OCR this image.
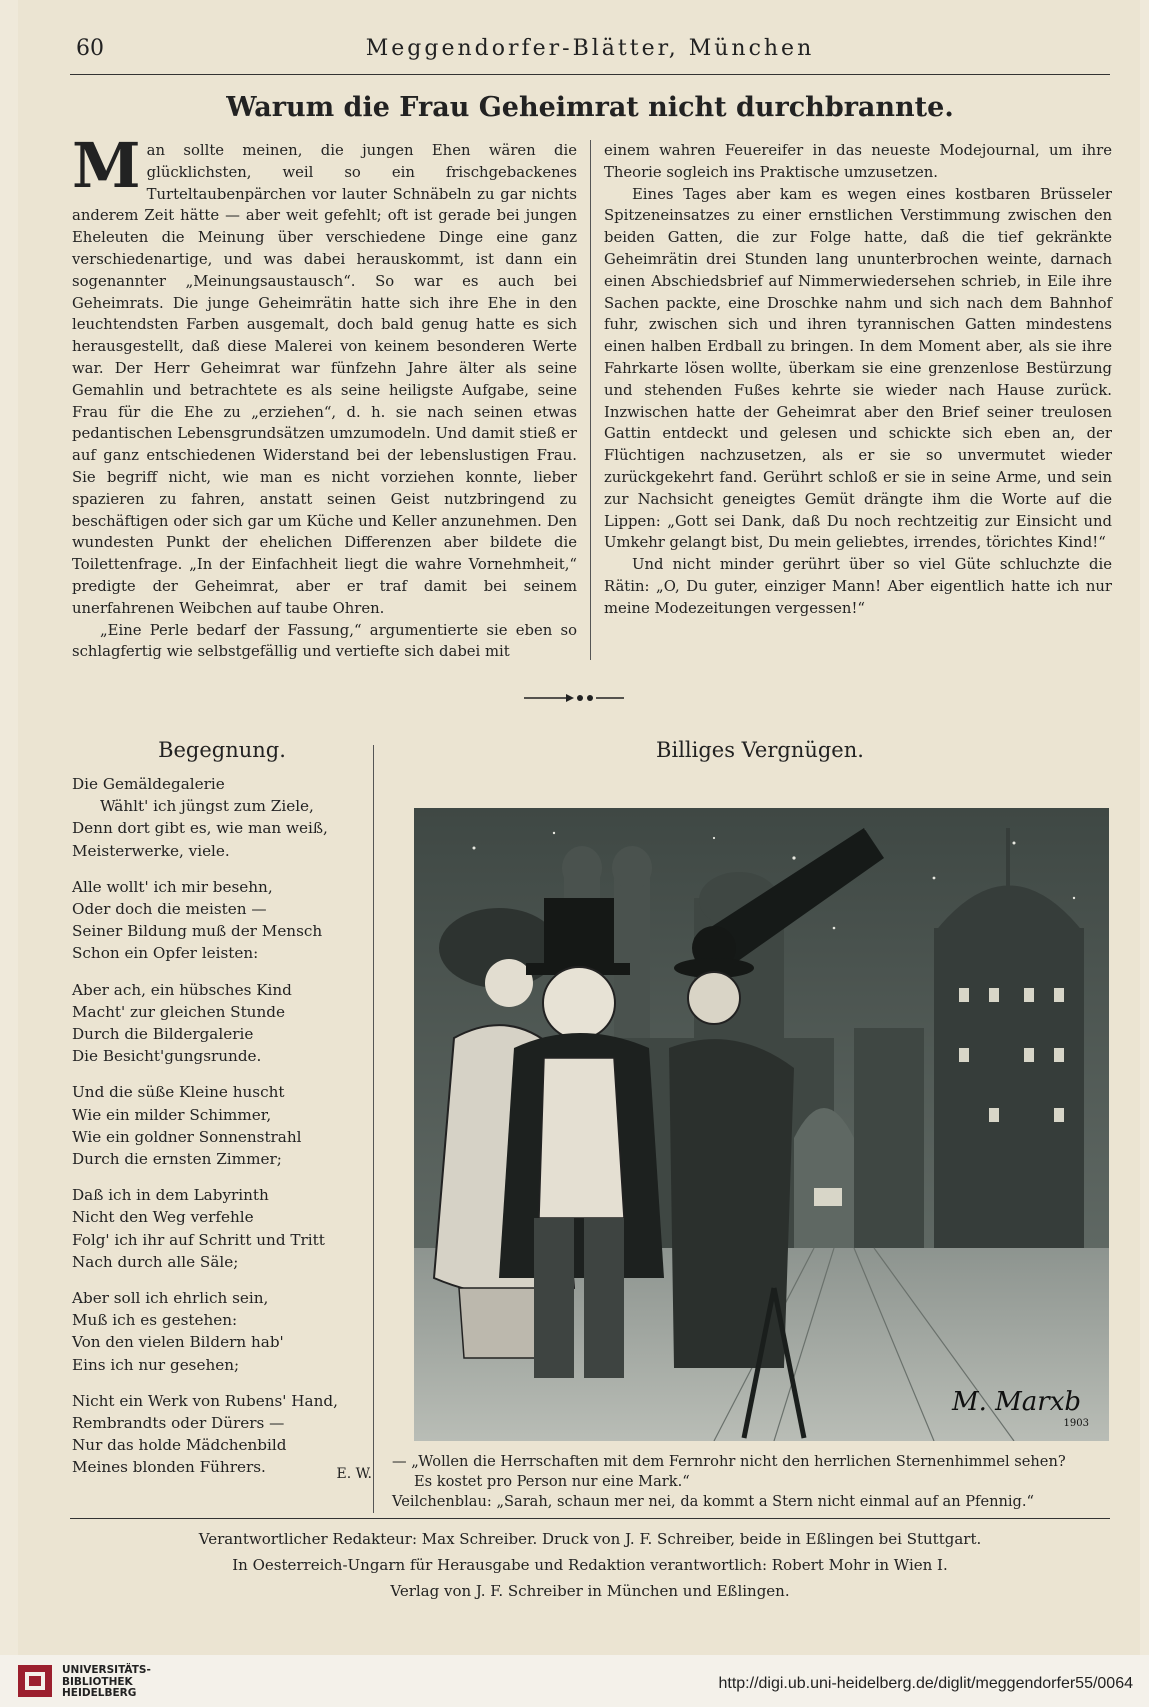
60	Meggendorfer-Blätter, München
Warum die Frau Geheimrat nicht durchbrannte.

Man sollte meinen, die jungen Ehen wären die glücklichsten, weil so ein frischgebackenes Turteltaubenpärchen vor lauter Schnäbeln zu gar nichts anderem Zeit hätte — aber weit gefehlt; oft ist gerade bei jungen Eheleuten die Meinung über verschiedene Dinge eine ganz verschiedenartige, und was dabei herauskommt, ist dann ein sogenannter „Meinungsaustausch“. So war es auch bei Geheimrats. Die junge Geheimrätin hatte sich ihre Ehe in den leuchtendsten Farben ausgemalt, doch bald genug hatte es sich herausgestellt, daß diese Malerei von keinem besonderen Werte war. Der Herr Geheimrat war fünfzehn Jahre älter als seine Gemahlin und betrachtete es als seine heiligste Aufgabe, seine Frau für die Ehe zu „erziehen“, d. h. sie nach seinen etwas pedantischen Lebensgrundsätzen umzumodeln. Und damit stieß er auf ganz entschiedenen Widerstand bei der lebenslustigen Frau. Sie begriff nicht, wie man es nicht vorziehen konnte, lieber spazieren zu fahren, anstatt seinen Geist nutzbringend zu beschäftigen oder sich gar um Küche und Keller anzunehmen. Den wundesten Punkt der ehelichen Differenzen aber bildete die Toilettenfrage. „In der Einfachheit liegt die wahre Vornehmheit,“ predigte der Geheimrat, aber er traf damit bei seinem unerfahrenen Weibchen auf taube Ohren.

„Eine Perle bedarf der Fassung,“ argumentierte sie eben so schlagfertig wie selbstgefällig und vertiefte sich dabei mit

einem wahren Feuereifer in das neueste Modejournal, um ihre Theorie sogleich ins Praktische umzusetzen.

Eines Tages aber kam es wegen eines kostbaren Brüsseler Spitzeneinsatzes zu einer ernstlichen Verstimmung zwischen den beiden Gatten, die zur Folge hatte, daß die tief gekränkte Geheimrätin drei Stunden lang ununterbrochen weinte, darnach einen Abschiedsbrief auf Nimmerwiedersehen schrieb, in Eile ihre Sachen packte, eine Droschke nahm und sich nach dem Bahnhof fuhr, zwischen sich und ihren tyrannischen Gatten mindestens einen halben Erdball zu bringen. In dem Moment aber, als sie ihre Fahrkarte lösen wollte, überkam sie eine grenzenlose Bestürzung und stehenden Fußes kehrte sie wieder nach Hause zurück. Inzwischen hatte der Geheimrat aber den Brief seiner treulosen Gattin entdeckt und gelesen und schickte sich eben an, der Flüchtigen nachzusetzen, als er sie so unvermutet wieder zurückgekehrt fand. Gerührt schloß er sie in seine Arme, und sein zur Nachsicht geneigtes Gemüt drängte ihm die Worte auf die Lippen: „Gott sei Dank, daß Du noch rechtzeitig zur Einsicht und Umkehr gelangt bist, Du mein geliebtes, irrendes, törichtes Kind!“

Und nicht minder gerührt über so viel Güte schluchzte die Rätin: „O, Du guter, einziger Mann! Aber eigentlich hatte ich nur meine Modezeitungen vergessen!“

Begegnung.	Billiges Vergnügen.
Die Gemäldegalerie
Wählt' ich jüngst zum Ziele,
Denn dort gibt es, wie man weiß,
Meisterwerke, viele.
Alle wollt' ich mir besehn,
Oder doch die meisten —
Seiner Bildung muß der Mensch
Schon ein Opfer leisten:
Aber ach, ein hübsches Kind
Macht' zur gleichen Stunde
Durch die Bildergalerie
Die Besicht'gungsrunde.
Und die süße Kleine huscht
Wie ein milder Schimmer,
Wie ein goldner Sonnenstrahl
Durch die ernsten Zimmer;
Daß ich in dem Labyrinth
Nicht den Weg verfehle
Folg' ich ihr auf Schritt und Tritt
Nach durch alle Säle;
Aber soll ich ehrlich sein,
Muß ich es gestehen:
Von den vielen Bildern hab'
Eins ich nur gesehen;
Nicht ein Werk von Rubens' Hand,
Rembrandts oder Dürers —
Nur das holde Mädchenbild
Meines blonden Führers.	E. W.
M. Marxb
1903
— „Wollen die Herrschaften mit dem Fernrohr nicht den herrlichen Sternenhimmel sehen?
Es kostet pro Person nur eine Mark.“
Veilchenblau: „Sarah, schaun mer nei, da kommt a Stern nicht einmal auf an Pfennig.“
Verantwortlicher Redakteur: Max Schreiber. Druck von J. F. Schreiber, beide in Eßlingen bei Stuttgart.
In Oesterreich-Ungarn für Herausgabe und Redaktion verantwortlich: Robert Mohr in Wien I.
Verlag von J. F. Schreiber in München und Eßlingen.
UNIVERSITÄTS-
BIBLIOTHEK
HEIDELBERG
http://digi.ub.uni-heidelberg.de/diglit/meggendorfer55/0064
